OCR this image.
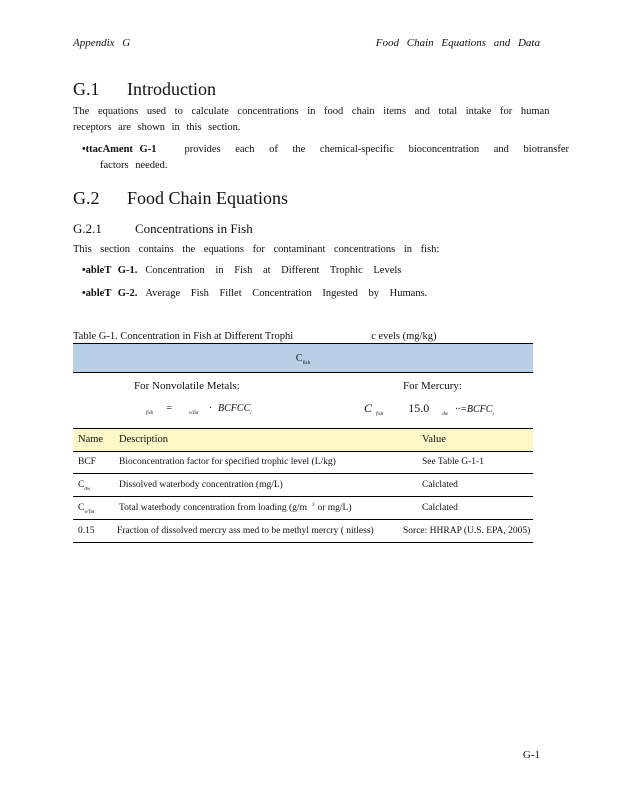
Appendix G	Food Chain Equations and Data
G.1 Introduction
The equations used to calculate concentrations in food chain items and total intake for human
receptors are shown in this section.
•ttacAment G-1	provides each of the chemical-specific bioconcentration and biotransfer
factors needed.
G.2 Food Chain Equations
G.2.1	Concentrations in Fish
This section contains the equations for contaminant concentrations in fish:
•ableT G-1. Concentration in Fish at Different Trophic Levels
•ableT G-2. Average Fish Fillet Concentration Ingested by Humans.
Table G-1. Concentration in Fish at Different Trophi	c evels (mg/kg)
$C_{fish}$
For Nonvolatile Metals:	For Mercury:
$_{fish}$ =	$_{wTot} \cdot BCFCC_i$	C $_{fish}$ 15.0	$_{dw} \cdot\cdot=BCFC_i$
Name Description	Value
BCF Bioconcentration factor for specified trophic level (L/kg)	See Table G-1-1
$C_{dw}$	Dissolved waterbody concentration (mg/L)	Calclated
$C_{wTot}$	Total waterbody concentration from loading (g/m $^3$ or mg/L)	Calclated
0.15 Fraction of dissolved mercry ass med to be methyl mercry ( nitless)	Sorce: HHRAP (U.S. EPA, 2005)
G-1
